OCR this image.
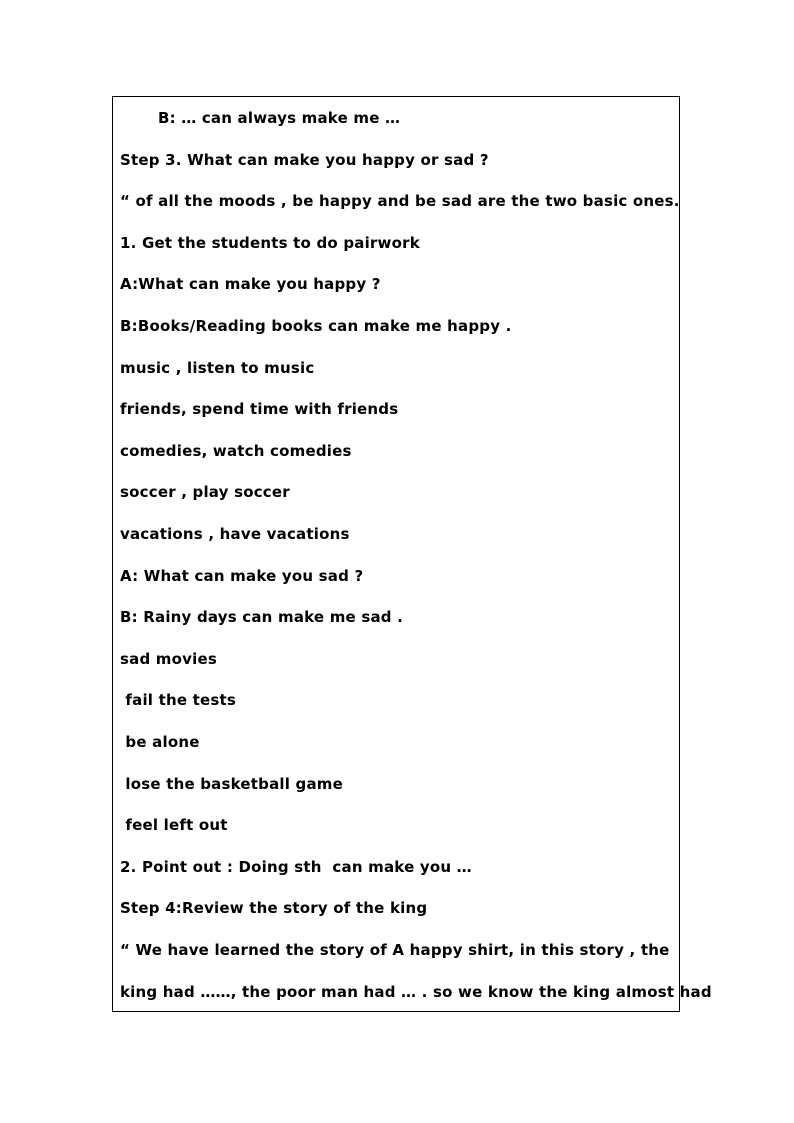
B: … can always make me …
Step 3. What can make you happy or sad ?
“ of all the moods , be happy and be sad are the two basic ones.
1. Get the students to do pairwork
A:What can make you happy ?
B:Books/Reading books can make me happy .
music , listen to music
friends, spend time with friends
comedies, watch comedies
soccer , play soccer
vacations , have vacations
A: What can make you sad ?
B: Rainy days can make me sad .
sad movies
fail the tests
be alone
lose the basketball game
feel left out
2. Point out : Doing sth  can make you …
Step 4:Review the story of the king
“ We have learned the story of A happy shirt, in this story , the
king had ……, the poor man had … . so we know the king almost had
